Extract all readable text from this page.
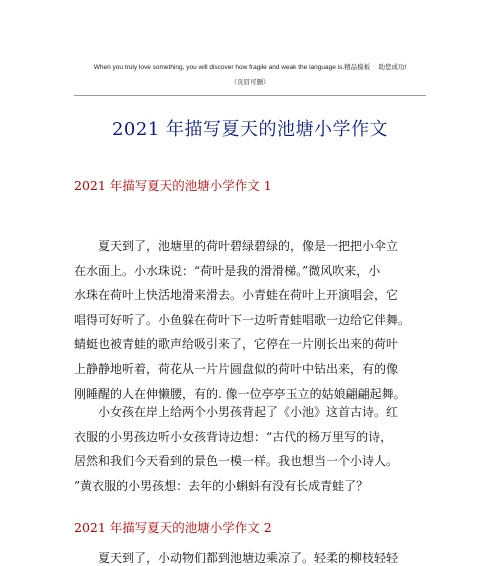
When you truly love something, you will discover how fragile and weak the language is.精品模板　 助您成功!
（页眉可删）
2021 年描写夏天的池塘小学作文
2021 年描写夏天的池塘小学作文 1
　　夏天到了，池塘里的荷叶碧绿碧绿的，像是一把把小伞立
在水面上。小水珠说：“荷叶是我的滑滑梯。”微风吹来，小
水珠在荷叶上快活地滑来滑去。小青蛙在荷叶上开演唱会，它
唱得可好听了。小鱼躲在荷叶下一边听青蛙唱歌一边给它伴舞。
蜻蜓也被青蛙的歌声给吸引来了，它停在一片刚长出来的荷叶
上静静地听着，荷花从一片片圆盘似的荷叶中钻出来，有的像
刚睡醒的人在伸懒腰，有的. 像一位亭亭玉立的姑娘翩翩起舞。
　　小女孩在岸上给两个小男孩背起了《小池》这首古诗。红
衣服的小男孩边听小女孩背诗边想：“古代的杨万里写的诗，
居然和我们今天看到的景色一模一样。我也想当一个小诗人。
”黄衣服的小男孩想：去年的小蝌蚪有没有长成青蛙了？
2021 年描写夏天的池塘小学作文 2
　　夏天到了，小动物们都到池塘边乘凉了。轻柔的柳枝轻轻
